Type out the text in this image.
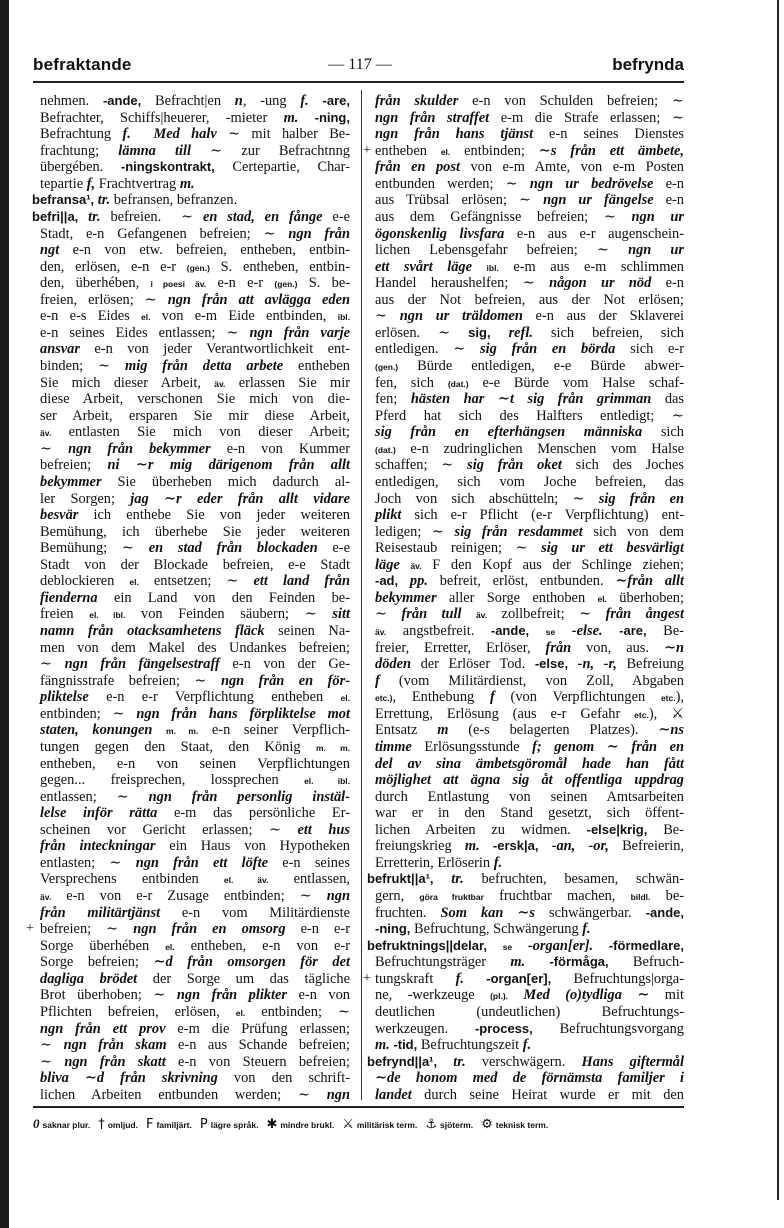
befraktande	— 117 —	befrynda
nehmen. -ande, Befracht|en n, -ung f. -are,
Befrachter, Schiffs|heuerer, -mieter m. -ning,
Befrachtung f.  Med halv ∼ mit halber Be-
frachtung; lämna till ∼ zur Befrachtnng
übergében. -ningskontrakt, Certepartie, Char-
tepartie f, Frachtvertrag m.
befransa¹, tr. befransen, befranzen.
befri||a, tr. befreien.  ∼ en stad, en fånge e-e
Stadt, e-n Gefangenen befreien; ∼ ngn från
ngt e-n von etw. befreien, entheben, entbin-
den, erlösen, e-n e-r (gen.) S. entheben, entbin-
den, überhében, i poesi äv. e-n e-r (gen.) S. be-
freien, erlösen; ∼ ngn från att avlägga eden
e-n e-s Eides el. von e-m Eide entbinden, ibl.
e-n seines Eides entlassen; ∼ ngn från varje
ansvar e-n von jeder Verantwortlichkeit ent-
binden; ∼ mig från detta arbete entheben
Sie mich dieser Arbeit, äv. erlassen Sie mir
diese Arbeit, verschonen Sie mich von die-
ser Arbeit, ersparen Sie mir diese Arbeit,
äv. entlasten Sie mich von dieser Arbeit;
∼ ngn från bekymmer e-n von Kummer
befreien; ni ∼r mig därigenom från allt
bekymmer Sie überheben mich dadurch al-
ler Sorgen; jag ∼r eder från allt vidare
besvär ich enthebe Sie von jeder weiteren
Bemühung, ich überhebe Sie jeder weiteren
Bemühung; ∼ en stad från blockaden e-e
Stadt von der Blockade befreien, e-e Stadt
deblockieren el. entsetzen; ∼ ett land från
fienderna ein Land von den Feinden be-
freien el. ibl. von Feinden säubern; ∼ sitt
namn från otacksamhetens fläck seinen Na-
men von dem Makel des Undankes befreien;
∼ ngn från fängelsestraff e-n von der Ge-
fängnisstrafe befreien; ∼ ngn från en för-
pliktelse e-n e-r Verpflichtung entheben el.
entbinden; ∼ ngn från hans förpliktelse mot
staten, konungen m. m. e-n seiner Verpflich-
tungen gegen den Staat, den König m. m.
entheben, e-n von seinen Verpflichtungen
gegen... freisprechen, lossprechen el. ibl.
entlassen; ∼ ngn från personlig instäl-
lelse inför rätta e-m das persönliche Er-
scheinen vor Gericht erlassen; ∼ ett hus
från inteckningar ein Haus von Hypotheken
entlasten; ∼ ngn från ett löfte e-n seines
Versprechens entbinden el. äv. entlassen,
äv. e-n von e-r Zusage entbinden; ∼ ngn
från militärtjänst e-n vom Militärdienste
+ befreien; ∼ ngn från en omsorg e-n e-r
Sorge überhében el. entheben, e-n von e-r
Sorge befreien; ∼d från omsorgen för det
dagliga brödet der Sorge um das tägliche
Brot überhoben; ∼ ngn från plikter e-n von
Pflichten befreien, erlösen, el. entbinden; ∼
ngn från ett prov e-m die Prüfung erlassen;
∼ ngn från skam e-n aus Schande befreien;
∼ ngn från skatt e-n von Steuern befreien;
bliva ∼d från skrivning von den schrift-
lichen Arbeiten entbunden werden; ∼ ngn
från skulder e-n von Schulden befreien; ∼
ngn från straffet e-m die Strafe erlassen; ∼
ngn från hans tjänst e-n seines Dienstes
+ entheben el. entbinden; ∼s från ett ämbete,
från en post von e-m Amte, von e-m Posten
entbunden werden; ∼ ngn ur bedrövelse e-n
aus Trübsal erlösen; ∼ ngn ur fängelse e-n
aus dem Gefängnisse befreien; ∼ ngn ur
ögonskenlig livsfara e-n aus e-r augenschein-
lichen Lebensgefahr befreien; ∼ ngn ur
ett svårt läge ibl. e-m aus e-m schlimmen
Handel heraushelfen; ∼ någon ur nöd e-n
aus der Not befreien, aus der Not erlösen;
∼ ngn ur träldomen e-n aus der Sklaverei
erlösen. ∼ sig, refl. sich befreien, sich
entledigen. ∼ sig från en börda sich e-r
(gen.) Bürde entledigen, e-e Bürde abwer-
fen, sich (dat.) e-e Bürde vom Halse schaf-
fen; hästen har ∼t sig från grimman das
Pferd hat sich des Halfters entledigt; ∼
sig från en efterhängsen människa sich
(dat.) e-n zudringlichen Menschen vom Halse
schaffen; ∼ sig från oket sich des Joches
entledigen, sich vom Joche befreien, das
Joch von sich abschütteln; ∼ sig från en
plikt sich e-r Pflicht (e-r Verpflichtung) ent-
ledigen; ∼ sig från resdammet sich von dem
Reisestaub reinigen; ∼ sig ur ett besvärligt
läge äv. F den Kopf aus der Schlinge ziehen;
-ad, pp. befreit, erlöst, entbunden. ∼från allt
bekymmer aller Sorge enthoben el. überhoben;
∼ från tull äv. zollbefreit; ∼ från ångest
äv. angstbefreit. -ande, se -else. -are, Be-
freier, Erretter, Erlöser, från von, aus. ∼n
döden der Erlöser Tod. -else, -n, -r, Befreiung
f (vom Militärdienst, von Zoll, Abgaben
etc.), Enthebung f (von Verpflichtungen etc.),
Errettung, Erlösung (aus e-r Gefahr etc.), ⚔
Entsatz m (e-s belagerten Platzes). ∼ns
timme Erlösungsstunde f; genom ∼ från en
del av sina ämbetsgöromål hade han fått
möjlighet att ägna sig åt offentliga uppdrag
durch Entlastung von seinen Amtsarbeiten
war er in den Stand gesetzt, sich öffent-
lichen Arbeiten zu widmen. -else|krig, Be-
freiungskrieg m. -ersk|a, -an, -or, Befreierin,
Erretterin, Erlöserin f.
befrukt||a¹, tr. befruchten, besamen, schwän-
gern, göra fruktbar fruchtbar machen, bildl. be-
fruchten. Som kan ∼s schwängerbar. -ande,
-ning, Befruchtung, Schwängerung f.
befruktnings||delar, se -organ[er]. -förmedlare,
Befruchtungsträger m. -förmåga, Befruch-
+ tungskraft f. -organ[er], Befruchtungs|orga-
ne, -werkzeuge (pl.). Med (o)tydliga ∼ mit
deutlichen (undeutlichen) Befruchtungs-
werkzeugen. -process, Befruchtungsvorgang
m. -tid, Befruchtungszeit f.
befrynd||a¹, tr. verschwägern. Hans giftermål
∼de honom med de förnämsta familjer i
landet durch seine Heirat wurde er mit den
0 saknar plur. † omljud. F familjärt. P lägre språk. ✱ mindre brukl. ⚔ militärisk term. ⚓ sjöterm. ⚙ teknisk term.
